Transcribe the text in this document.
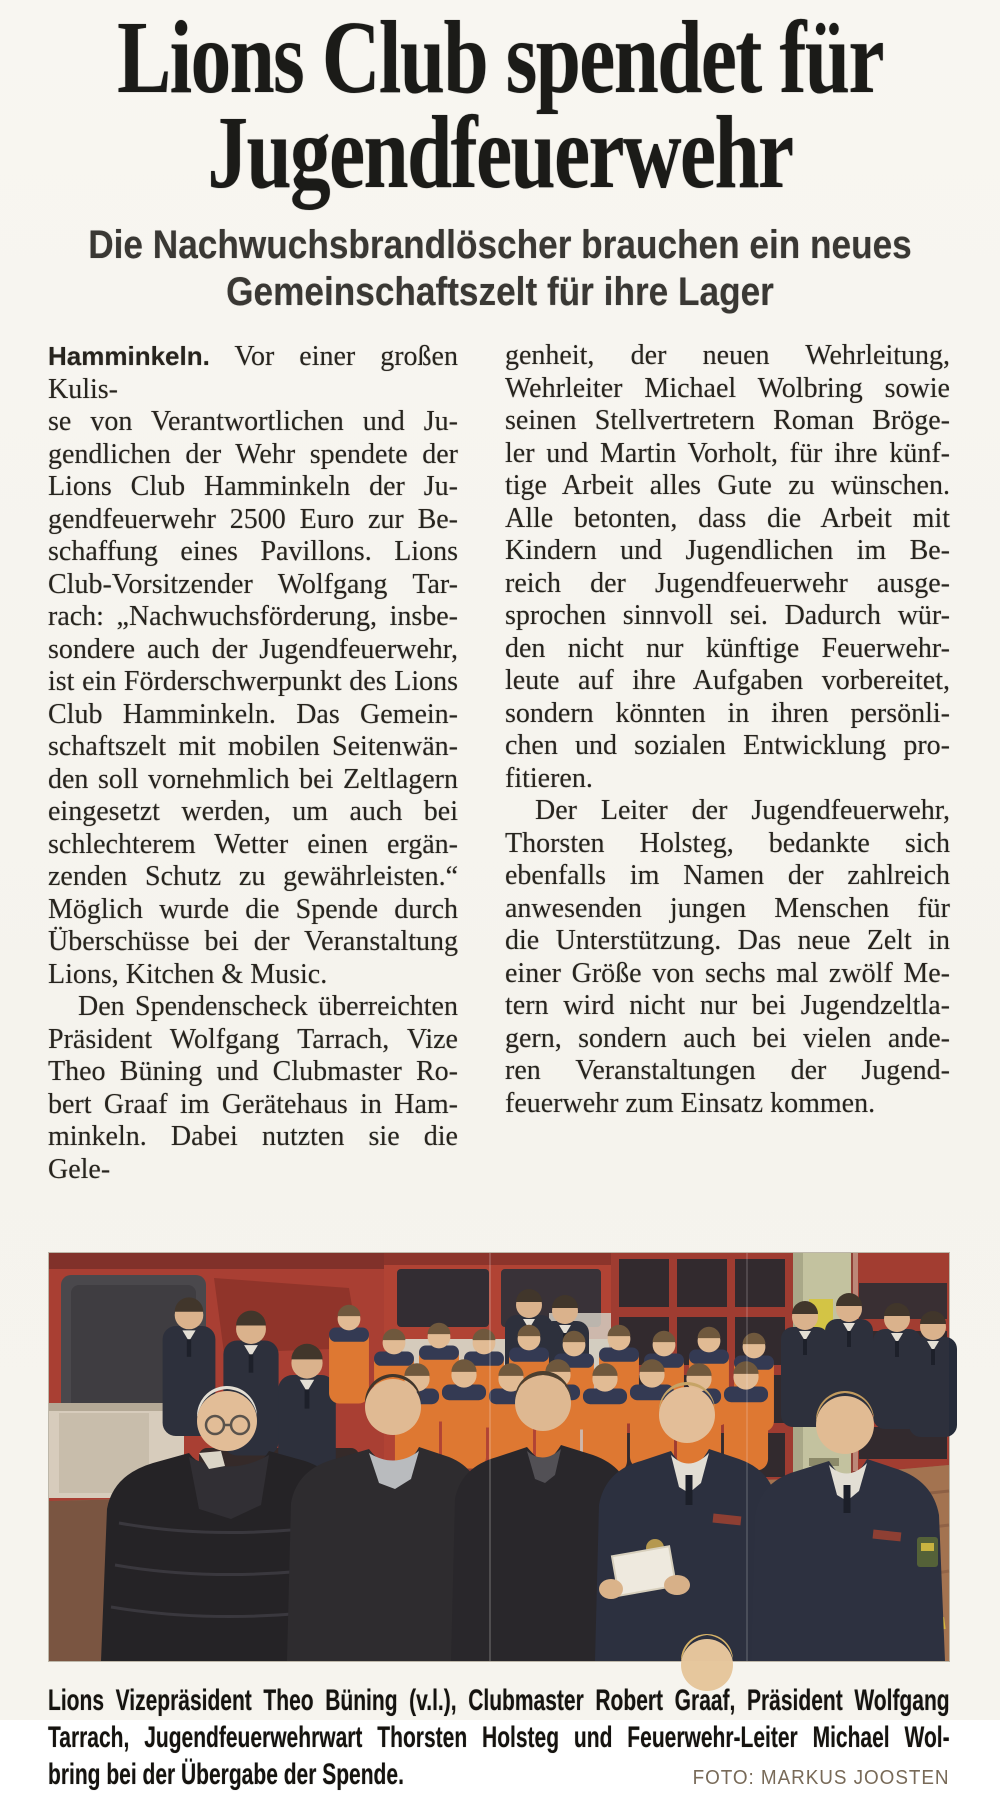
Lions Club spendet für
Jugendfeuerwehr
Die Nachwuchsbrandlöscher brauchen ein neues
Gemeinschaftszelt für ihre Lager
Hamminkeln. Vor einer großen Kulis-
se von Verantwortlichen und Ju-
gendlichen der Wehr spendete der
Lions Club Hamminkeln der Ju-
gendfeuerwehr 2500 Euro zur Be-
schaffung eines Pavillons. Lions
Club-Vorsitzender Wolfgang Tar-
rach: „Nachwuchsförderung, insbe-
sondere auch der Jugendfeuerwehr,
ist ein Förderschwerpunkt des Lions
Club Hamminkeln. Das Gemein-
schaftszelt mit mobilen Seitenwän-
den soll vornehmlich bei Zeltlagern
eingesetzt werden, um auch bei
schlechterem Wetter einen ergän-
zenden Schutz zu gewährleisten.“
Möglich wurde die Spende durch
Überschüsse bei der Veranstaltung
Lions, Kitchen & Music.
Den Spendenscheck überreichten
Präsident Wolfgang Tarrach, Vize
Theo Büning und Clubmaster Ro-
bert Graaf im Gerätehaus in Ham-
minkeln. Dabei nutzten sie die Gele-
genheit, der neuen Wehrleitung,
Wehrleiter Michael Wolbring sowie
seinen Stellvertretern Roman Bröge-
ler und Martin Vorholt, für ihre künf-
tige Arbeit alles Gute zu wünschen.
Alle betonten, dass die Arbeit mit
Kindern und Jugendlichen im Be-
reich der Jugendfeuerwehr ausge-
sprochen sinnvoll sei. Dadurch wür-
den nicht nur künftige Feuerwehr-
leute auf ihre Aufgaben vorbereitet,
sondern könnten in ihren persönli-
chen und sozialen Entwicklung pro-
fitieren.
Der Leiter der Jugendfeuerwehr,
Thorsten Holsteg, bedankte sich
ebenfalls im Namen der zahlreich
anwesenden jungen Menschen für
die Unterstützung. Das neue Zelt in
einer Größe von sechs mal zwölf Me-
tern wird nicht nur bei Jugendzeltla-
gern, sondern auch bei vielen ande-
ren Veranstaltungen der Jugend-
feuerwehr zum Einsatz kommen.
Lions Vizepräsident Theo Büning (v.l.), Clubmaster Robert Graaf, Präsident Wolfgang
Tarrach, Jugendfeuerwehrwart Thorsten Holsteg und Feuerwehr-Leiter Michael Wol-
bring bei der Übergabe der Spende.	FOTO: MARKUS JOOSTEN
